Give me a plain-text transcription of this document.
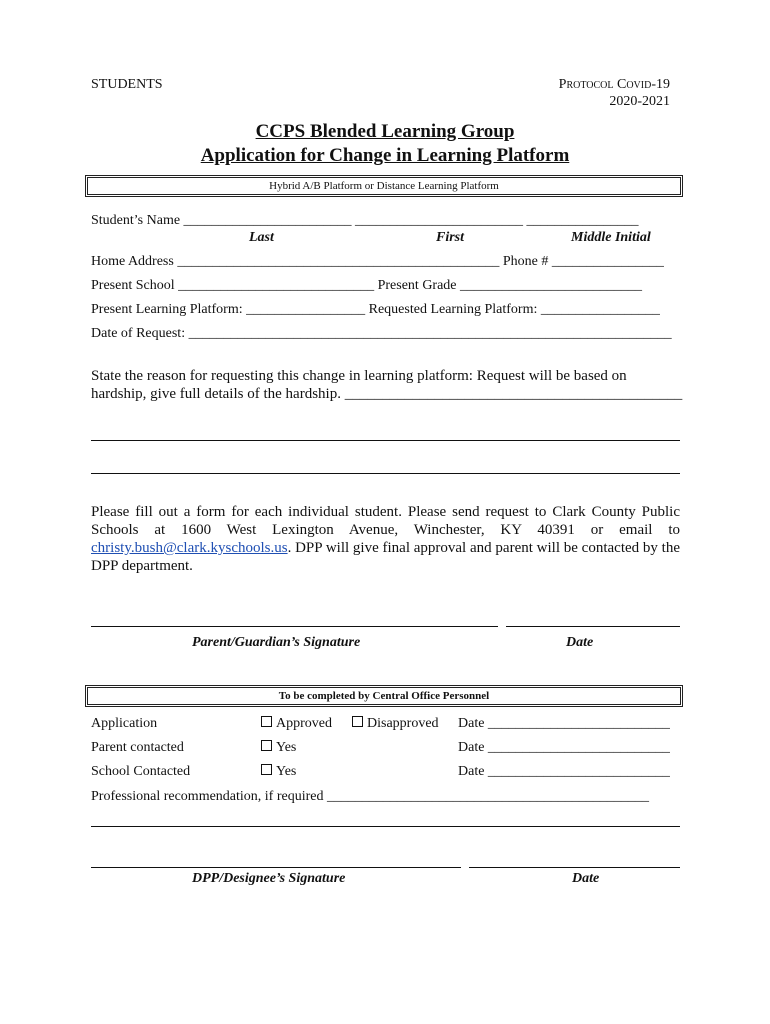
STUDENTS	Protocol Covid-19
2020-2021
CCPS Blended Learning Group
Application for Change in Learning Platform
Hybrid A/B Platform or Distance Learning Platform
Student’s Name ________________________ ________________________ ________________
Last	First	Middle Initial
Home Address ______________________________________________ Phone # ________________
Present School ____________________________ Present Grade __________________________
Present Learning Platform: _________________ Requested Learning Platform: _________________
Date of Request: _____________________________________________________________________
State the reason for requesting this change in learning platform: Request will be based on
hardship, give full details of the hardship. _____________________________________________
Please fill out a form for each individual student. Please send request to Clark County Public Schools at 1600 West Lexington Avenue, Winchester, KY 40391 or email to christy.bush@clark.kyschools.us. DPP will give final approval and parent will be contacted by the DPP department.
Parent/Guardian’s Signature	Date
To be completed by Central Office Personnel
Application	Approved	Disapproved Date __________________________
Parent contacted	Yes	Date __________________________
School Contacted	Yes	Date __________________________
Professional recommendation, if required ______________________________________________
DPP/Designee’s Signature	Date
